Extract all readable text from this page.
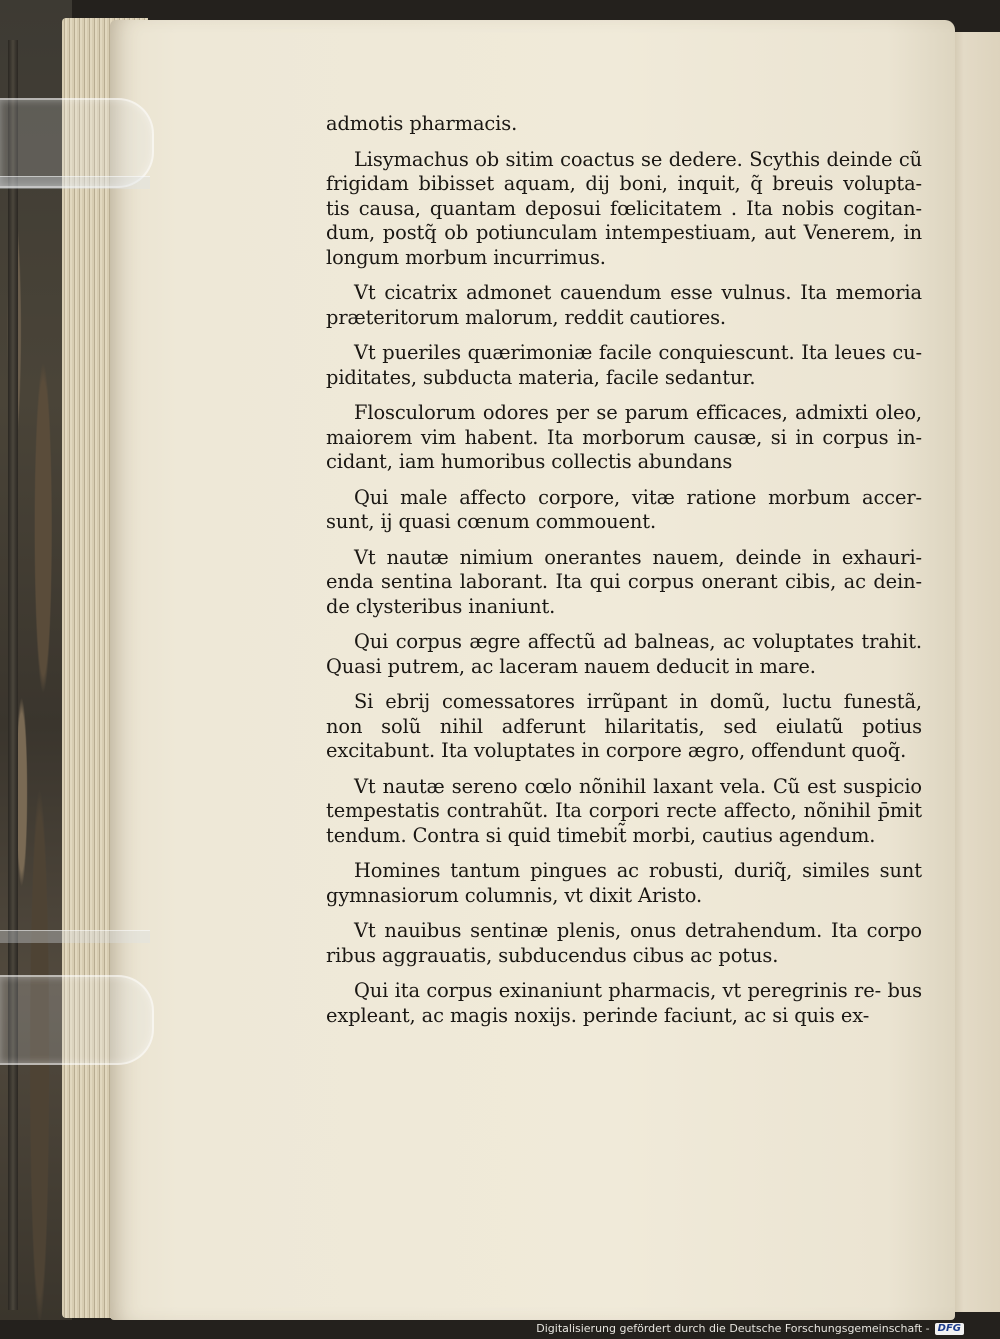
admotis pharmacis.

Lisymachus ob sitim coactus se dedere. Scythis deinde cũ frigidam bibisset aquam, dij boni, inquit, q̃ breuis volupta- tis causa, quantam deposui fœlicitatem . Ita nobis cogitan- dum, postq̃ ob potiunculam intempestiuam, aut Venerem, in longum morbum incurrimus.

Vt cicatrix admonet cauendum esse vulnus. Ita memoria præteritorum malorum, reddit cautiores.

Vt pueriles quærimoniæ facile conquiescunt. Ita leues cu- piditates, subducta materia, facile sedantur.

Flosculorum odores per se parum efficaces, admixti oleo, maiorem vim habent. Ita morborum causæ, si in corpus in- cidant, iam humoribus collectis abundans

Qui male affecto corpore, vitæ ratione morbum accer- sunt, ij quasi cœnum commouent.

Vt nautæ nimium onerantes nauem, deinde in exhauri- enda sentina laborant. Ita qui corpus onerant cibis, ac dein- de clysteribus inaniunt.

Qui corpus ægre affectũ ad balneas, ac voluptates trahit. Quasi putrem, ac laceram nauem deducit in mare.

Si ebrij comessatores irrũpant in domũ, luctu funestã, non solũ nihil adferunt hilaritatis, sed eiulatũ potius excitabunt. Ita voluptates in corpore ægro, offendunt quoq̃.

Vt nautæ sereno cœlo nõnihil laxant vela. Cũ est suspicio tempestatis contrahũt. Ita corpori recte affecto, nõnihil p̄mit tendum. Contra si quid timebit̃ morbi, cautius agendum.

Homines tantum pingues ac robusti, duriq̃, similes sunt gymnasiorum columnis, vt dixit Aristo.

Vt nauibus sentinæ plenis, onus detrahendum. Ita corpo ribus aggrauatis, subducendus cibus ac potus.

Qui ita corpus exinaniunt pharmacis, vt peregrinis re- bus expleant, ac magis noxijs. perinde faciunt, ac si quis ex-

Digitalisierung gefördert durch die Deutsche Forschungsgemeinschaft - DFG
